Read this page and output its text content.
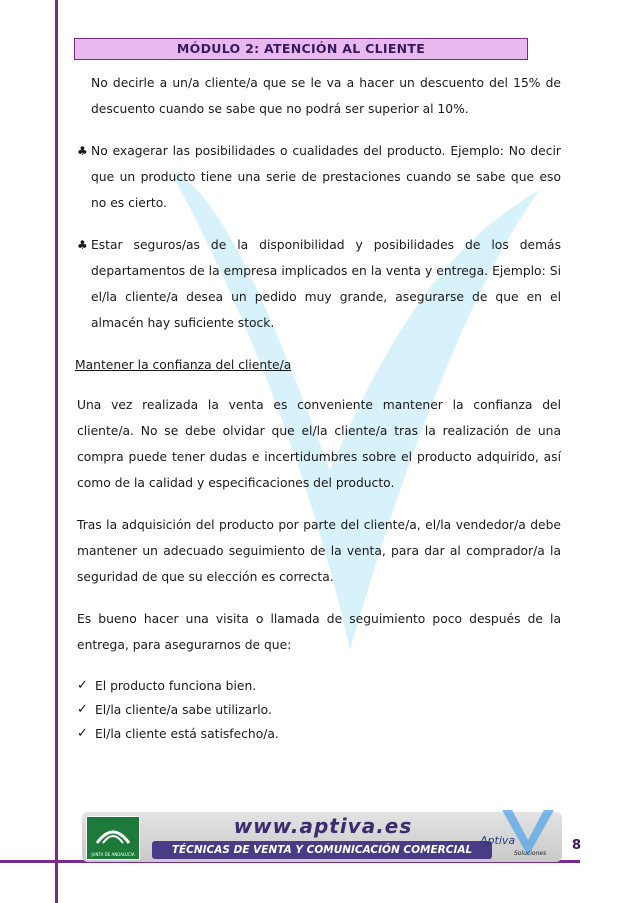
MÓDULO 2: ATENCIÓN AL CLIENTE

No decirle a un/a cliente/a que se le va a hacer un descuento del 15% de descuento cuando se sabe que no podrá ser superior al 10%.

♣ No exagerar las posibilidades o cualidades del producto. Ejemplo: No decir que un producto tiene una serie de prestaciones cuando se sabe que eso no es cierto.
♣ Estar seguros/as de la disponibilidad y posibilidades de los demás departamentos de la empresa implicados en la venta y entrega. Ejemplo: Si el/la cliente/a desea un pedido muy grande, asegurarse de que en el almacén hay suficiente stock.

Mantener la confianza del cliente/a

Una vez realizada la venta es conveniente mantener la confianza del cliente/a. No se debe olvidar que el/la cliente/a tras la realización de una compra puede tener dudas e incertidumbres sobre el producto adquirido, así como de la calidad y especificaciones del producto.

Tras la adquisición del producto por parte del cliente/a, el/la vendedor/a debe mantener un adecuado seguimiento de la venta, para dar al comprador/a la seguridad de que su elección es correcta.

Es bueno hacer una visita o llamada de seguimiento poco después de la entrega, para asegurarnos de que:

✓ El producto funciona bien.
✓ El/la cliente/a sabe utilizarlo.
✓ El/la cliente está satisfecho/a.
JUNTA DE ANDALUCIA
www.aptiva.es
TÉCNICAS DE VENTA Y COMUNICACIÓN COMERCIAL
Aptiva
Soluciones
8
